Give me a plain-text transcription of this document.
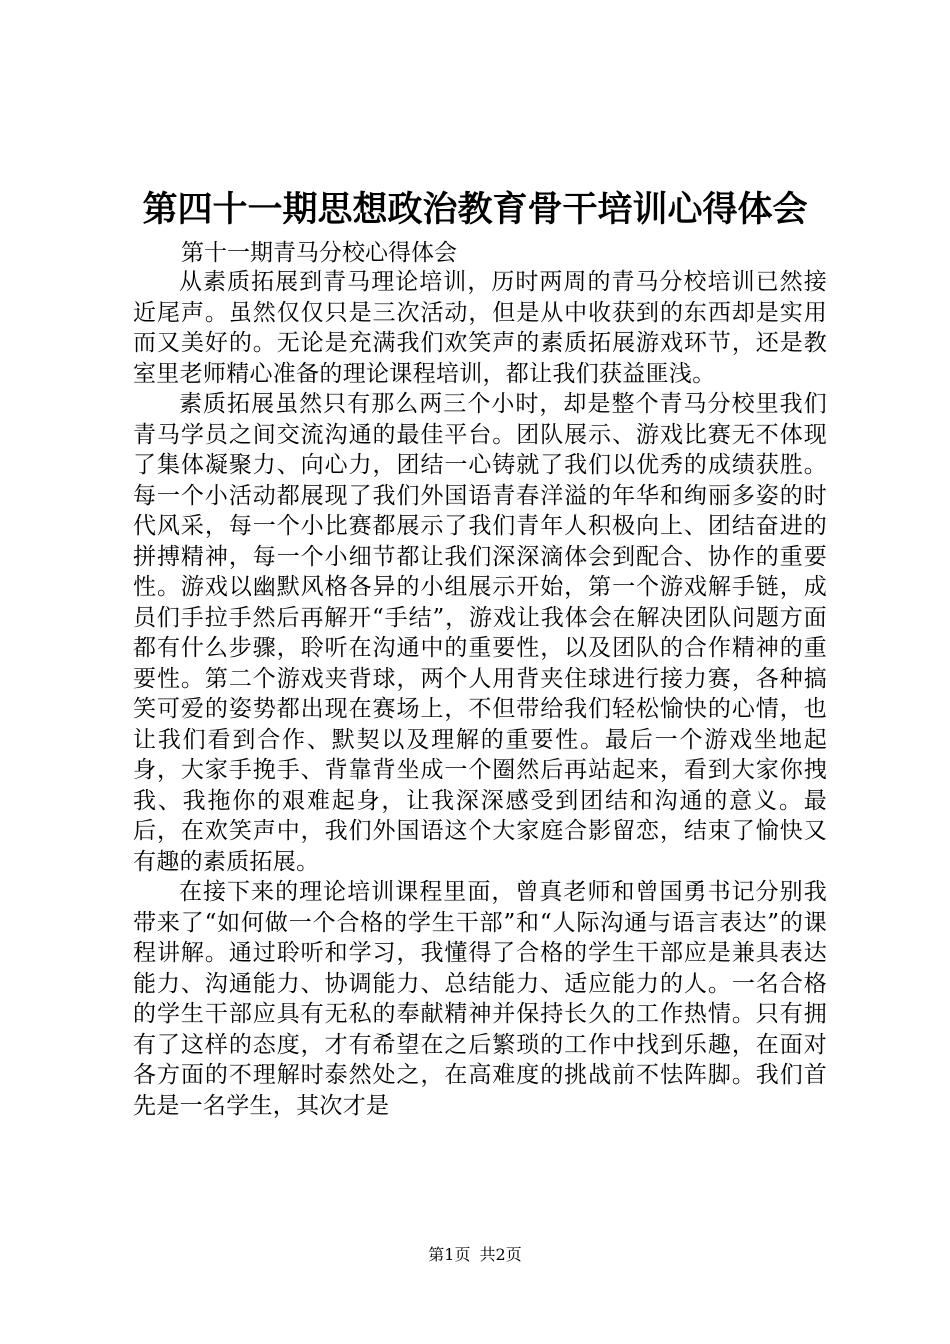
第四十一期思想政治教育骨干培训心得体会

第十一期青马分校心得体会

从素质拓展到青马理论培训，历时两周的青马分校培训已然接近尾声。虽然仅仅只是三次活动，但是从中收获到的东西却是实用而又美好的。无论是充满我们欢笑声的素质拓展游戏环节，还是教室里老师精心准备的理论课程培训，都让我们获益匪浅。

素质拓展虽然只有那么两三个小时，却是整个青马分校里我们青马学员之间交流沟通的最佳平台。团队展示、游戏比赛无不体现了集体凝聚力、向心力，团结一心铸就了我们以优秀的成绩获胜。每一个小活动都展现了我们外国语青春洋溢的年华和绚丽多姿的时代风采，每一个小比赛都展示了我们青年人积极向上、团结奋进的拼搏精神，每一个小细节都让我们深深滴体会到配合、协作的重要性。游戏以幽默风格各异的小组展示开始，第一个游戏解手链，成员们手拉手然后再解开“手结”，游戏让我体会在解决团队问题方面都有什么步骤，聆听在沟通中的重要性，以及团队的合作精神的重要性。第二个游戏夹背球，两个人用背夹住球进行接力赛，各种搞笑可爱的姿势都出现在赛场上，不但带给我们轻松愉快的心情，也让我们看到合作、默契以及理解的重要性。最后一个游戏坐地起身，大家手挽手、背靠背坐成一个圈然后再站起来，看到大家你拽我、我拖你的艰难起身，让我深深感受到团结和沟通的意义。最后，在欢笑声中，我们外国语这个大家庭合影留恋，结束了愉快又有趣的素质拓展。

在接下来的理论培训课程里面，曾真老师和曾国勇书记分别我带来了“如何做一个合格的学生干部”和“人际沟通与语言表达”的课程讲解。通过聆听和学习，我懂得了合格的学生干部应是兼具表达能力、沟通能力、协调能力、总结能力、适应能力的人。一名合格的学生干部应具有无私的奉献精神并保持长久的工作热情。只有拥有了这样的态度，才有希望在之后繁琐的工作中找到乐趣，在面对各方面的不理解时泰然处之，在高难度的挑战前不怯阵脚。我们首先是一名学生，其次才是

第1页 共2页
